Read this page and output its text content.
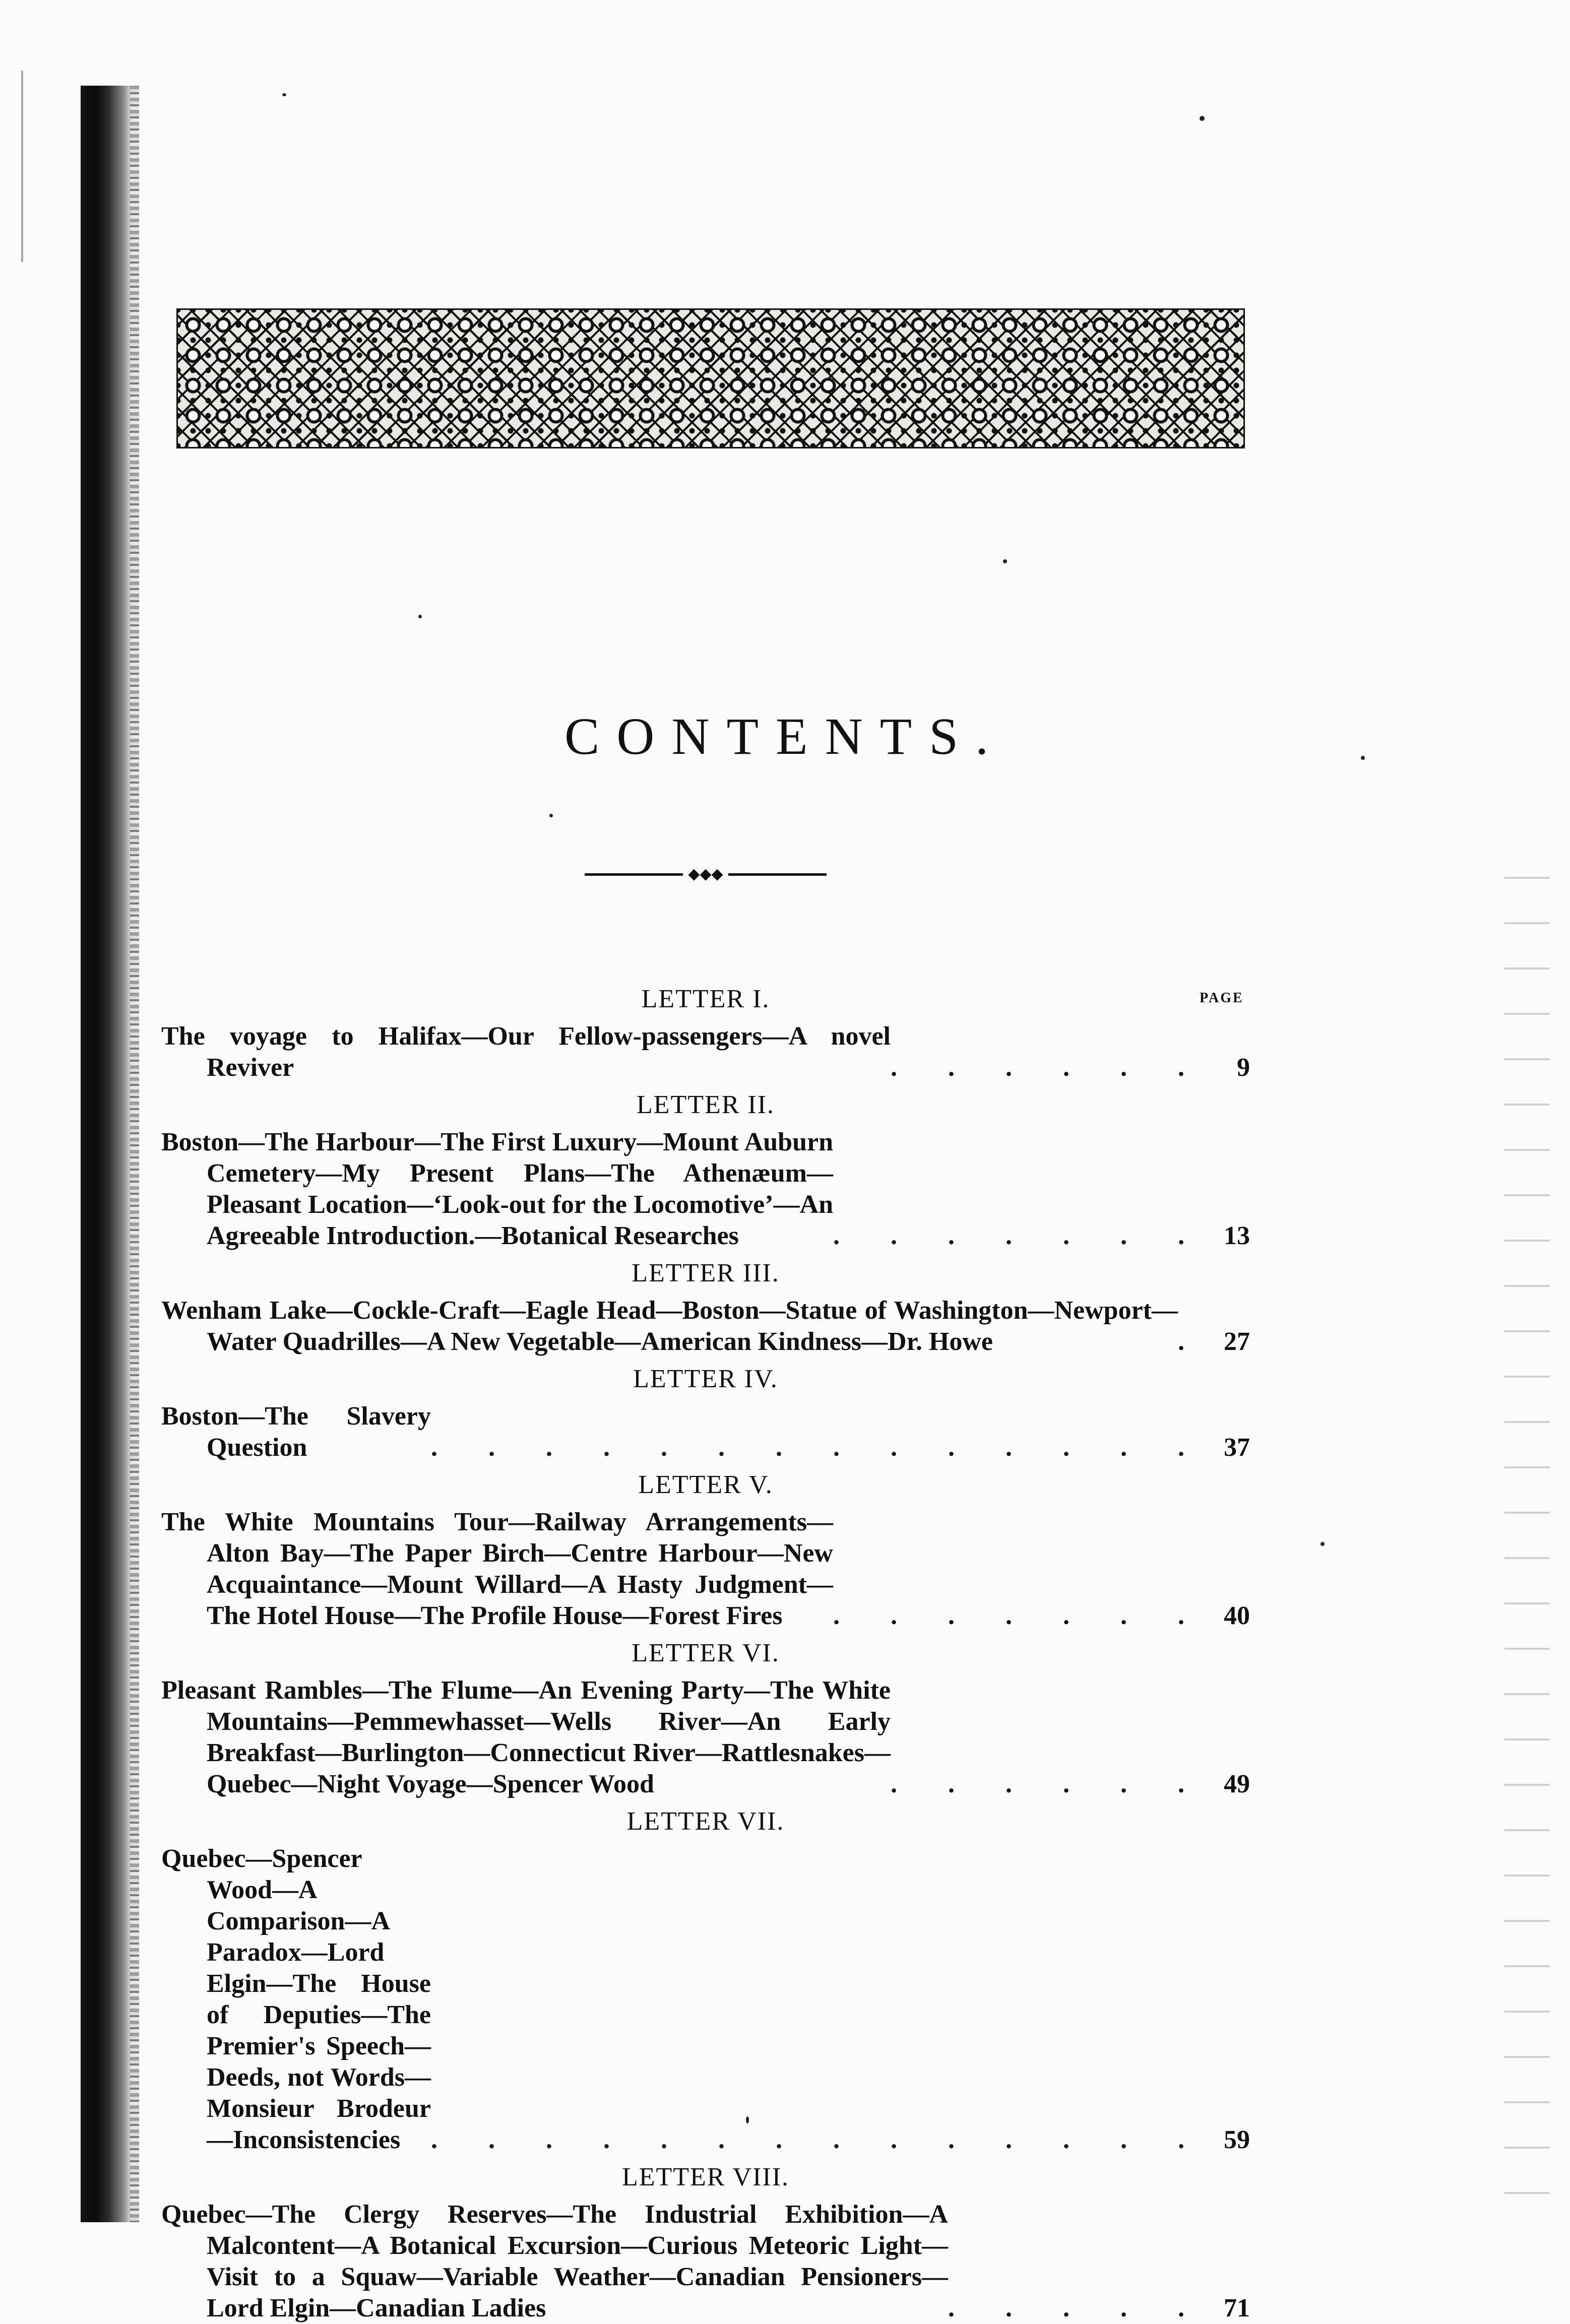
CONTENTS.
◆◆◆
PAGE
LETTER I.
The voyage to Halifax—Our Fellow-passengers—A novel Reviver	. . . . . .	9
LETTER II.
Boston—The Harbour—The First Luxury—Mount Auburn Cemetery—My Present Plans—The Athenæum—Pleasant Location—‘Look-out for the Locomotive’—An Agreeable Introduction.—Botanical Researches	. . . . . . . 13
LETTER III.
Wenham Lake—Cockle-Craft—Eagle Head—Boston—Statue of Washington—Newport—Water Quadrilles—A New Vegetable—American Kindness—Dr. Howe	. 27
LETTER IV.
Boston—The Slavery Question	. . . . . . . . . . . . . . 37
LETTER V.
The White Mountains Tour—Railway Arrangements—Alton Bay—The Paper Birch—Centre Harbour—New Acquaintance—Mount Willard—A Hasty Judgment—The Hotel House—The Profile House—Forest Fires	. . . . . . . 40
LETTER VI.
Pleasant Rambles—The Flume—An Evening Party—The White Mountains—Pemmewhasset—Wells River—An Early Breakfast—Burlington—Connecticut River—Rattlesnakes—Quebec—Night Voyage—Spencer Wood	. . . . . . 49
LETTER VII.
Quebec—Spencer Wood—A Comparison—A Paradox—Lord Elgin—The House of Deputies—The Premier's Speech—Deeds, not Words—Monsieur Brodeur—Inconsistencies	. . . . . . . . . . . . . . 59
LETTER VIII.
Quebec—The Clergy Reserves—The Industrial Exhibition—A Malcontent—A Botanical Excursion—Curious Meteoric Light—Visit to a Squaw—Variable Weather—Canadian Pensioners—Lord Elgin—Canadian Ladies	. . . . . 71
